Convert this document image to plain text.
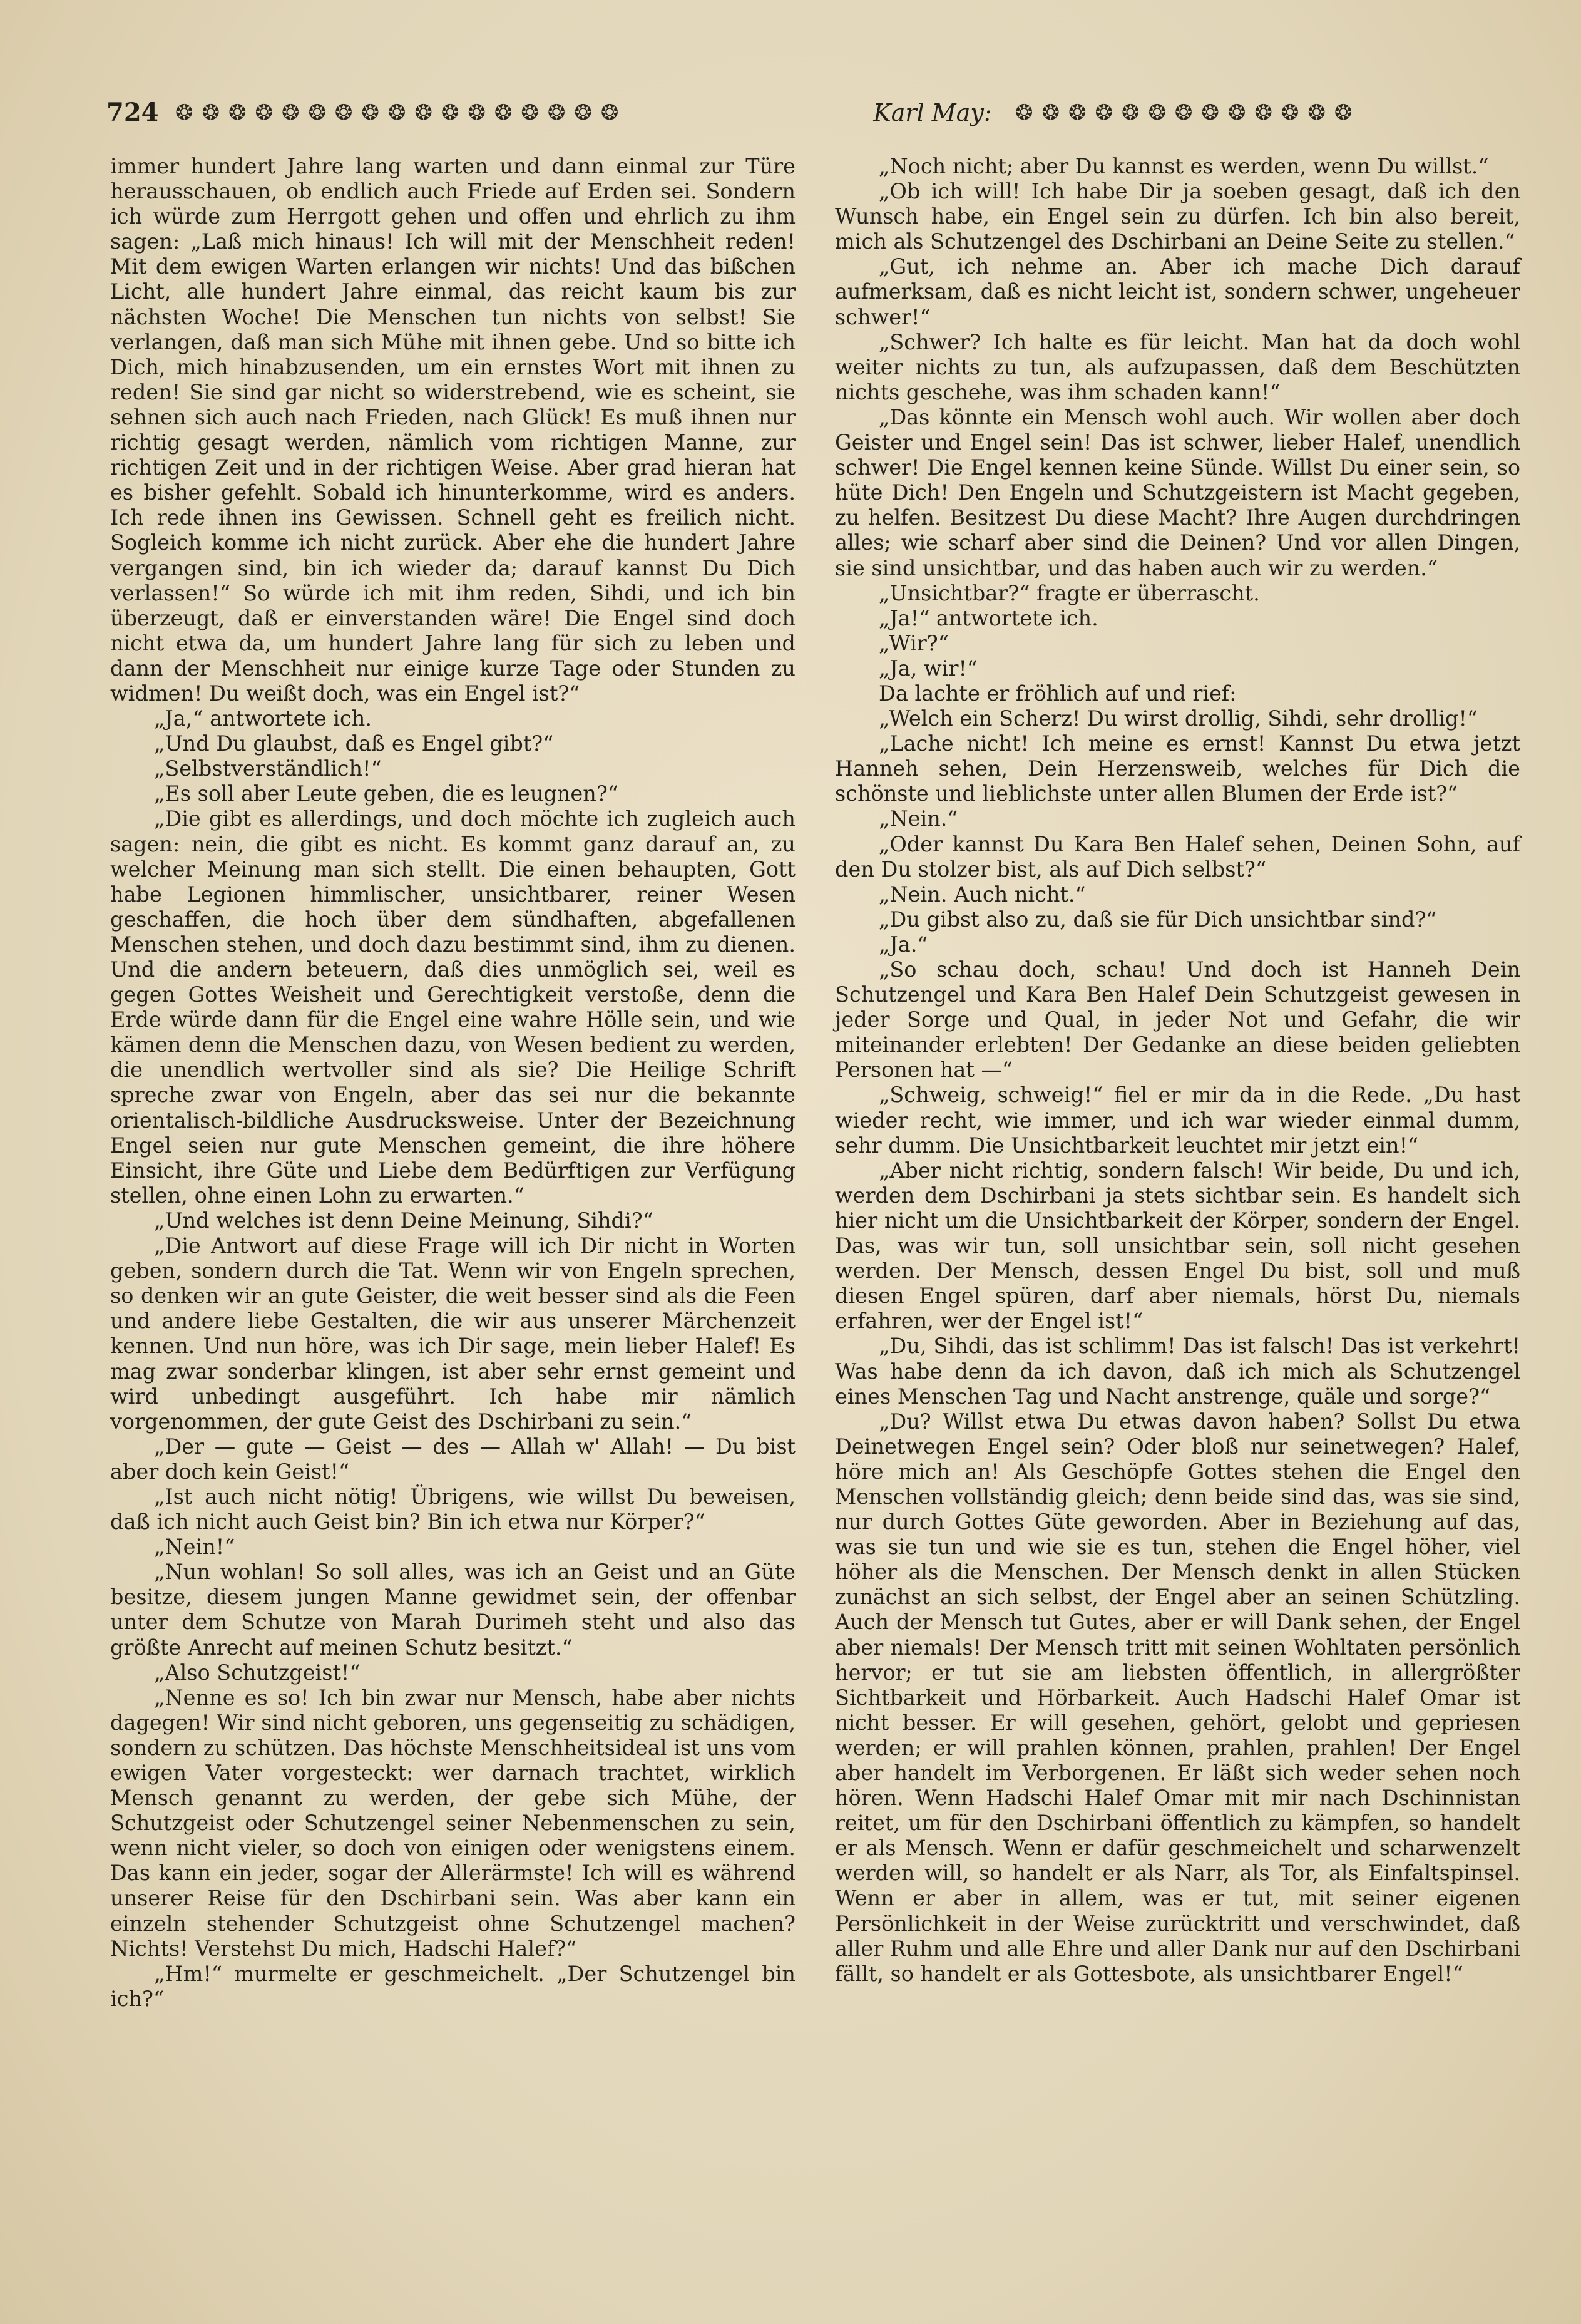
724 ❂❂❂❂❂❂❂❂❂❂❂❂❂❂❂❂❂	Karl May:	❂❂❂❂❂❂❂❂❂❂❂❂❂

immer hundert Jahre lang warten und dann einmal zur Türe herausschauen, ob endlich auch Friede auf Erden sei. Sondern ich würde zum Herrgott gehen und offen und ehrlich zu ihm sagen: „Laß mich hinaus! Ich will mit der Menschheit reden! Mit dem ewigen Warten erlangen wir nichts! Und das bißchen Licht, alle hundert Jahre einmal, das reicht kaum bis zur nächsten Woche! Die Menschen tun nichts von selbst! Sie verlangen, daß man sich Mühe mit ihnen gebe. Und so bitte ich Dich, mich hinabzusenden, um ein ernstes Wort mit ihnen zu reden! Sie sind gar nicht so widerstrebend, wie es scheint, sie sehnen sich auch nach Frieden, nach Glück! Es muß ihnen nur richtig gesagt werden, nämlich vom richtigen Manne, zur richtigen Zeit und in der richtigen Weise. Aber grad hieran hat es bisher gefehlt. Sobald ich hinunterkomme, wird es anders. Ich rede ihnen ins Gewissen. Schnell geht es freilich nicht. Sogleich komme ich nicht zurück. Aber ehe die hundert Jahre vergangen sind, bin ich wieder da; darauf kannst Du Dich verlassen!“ So würde ich mit ihm reden, Sihdi, und ich bin überzeugt, daß er einverstanden wäre! Die Engel sind doch nicht etwa da, um hundert Jahre lang für sich zu leben und dann der Menschheit nur einige kurze Tage oder Stunden zu widmen! Du weißt doch, was ein Engel ist?“

„Ja,“ antwortete ich.

„Und Du glaubst, daß es Engel gibt?“

„Selbstverständlich!“

„Es soll aber Leute geben, die es leugnen?“

„Die gibt es allerdings, und doch möchte ich zugleich auch sagen: nein, die gibt es nicht. Es kommt ganz darauf an, zu welcher Meinung man sich stellt. Die einen behaupten, Gott habe Legionen himmlischer, unsichtbarer, reiner Wesen geschaffen, die hoch über dem sündhaften, abgefallenen Menschen stehen, und doch dazu bestimmt sind, ihm zu dienen. Und die andern beteuern, daß dies unmöglich sei, weil es gegen Gottes Weisheit und Gerechtigkeit verstoße, denn die Erde würde dann für die Engel eine wahre Hölle sein, und wie kämen denn die Menschen dazu, von Wesen bedient zu werden, die unendlich wertvoller sind als sie? Die Heilige Schrift spreche zwar von Engeln, aber das sei nur die bekannte orientalisch-bildliche Ausdrucksweise. Unter der Bezeichnung Engel seien nur gute Menschen gemeint, die ihre höhere Einsicht, ihre Güte und Liebe dem Bedürftigen zur Verfügung stellen, ohne einen Lohn zu erwarten.“

„Und welches ist denn Deine Meinung, Sihdi?“

„Die Antwort auf diese Frage will ich Dir nicht in Worten geben, sondern durch die Tat. Wenn wir von Engeln sprechen, so denken wir an gute Geister, die weit besser sind als die Feen und andere liebe Gestalten, die wir aus unserer Märchenzeit kennen. Und nun höre, was ich Dir sage, mein lieber Halef! Es mag zwar sonderbar klingen, ist aber sehr ernst gemeint und wird unbedingt ausgeführt. Ich habe mir nämlich vorgenommen, der gute Geist des Dschirbani zu sein.“

„Der — gute — Geist — des — Allah w' Allah! — Du bist aber doch kein Geist!“

„Ist auch nicht nötig! Übrigens, wie willst Du beweisen, daß ich nicht auch Geist bin? Bin ich etwa nur Körper?“

„Nein!“

„Nun wohlan! So soll alles, was ich an Geist und an Güte besitze, diesem jungen Manne gewidmet sein, der offenbar unter dem Schutze von Marah Durimeh steht und also das größte Anrecht auf meinen Schutz besitzt.“

„Also Schutzgeist!“

„Nenne es so! Ich bin zwar nur Mensch, habe aber nichts dagegen! Wir sind nicht geboren, uns gegenseitig zu schädigen, sondern zu schützen. Das höchste Menschheitsideal ist uns vom ewigen Vater vorgesteckt: wer darnach trachtet, wirklich Mensch genannt zu werden, der gebe sich Mühe, der Schutzgeist oder Schutzengel seiner Nebenmenschen zu sein, wenn nicht vieler, so doch von einigen oder wenigstens einem. Das kann ein jeder, sogar der Allerärmste! Ich will es während unserer Reise für den Dschirbani sein. Was aber kann ein einzeln stehender Schutzgeist ohne Schutzengel machen? Nichts! Verstehst Du mich, Hadschi Halef?“

„Hm!“ murmelte er geschmeichelt. „Der Schutzengel bin ich?“

„Noch nicht; aber Du kannst es werden, wenn Du willst.“

„Ob ich will! Ich habe Dir ja soeben gesagt, daß ich den Wunsch habe, ein Engel sein zu dürfen. Ich bin also bereit, mich als Schutzengel des Dschirbani an Deine Seite zu stellen.“

„Gut, ich nehme an. Aber ich mache Dich darauf aufmerksam, daß es nicht leicht ist, sondern schwer, ungeheuer schwer!“

„Schwer? Ich halte es für leicht. Man hat da doch wohl weiter nichts zu tun, als aufzupassen, daß dem Beschützten nichts geschehe, was ihm schaden kann!“

„Das könnte ein Mensch wohl auch. Wir wollen aber doch Geister und Engel sein! Das ist schwer, lieber Halef, unendlich schwer! Die Engel kennen keine Sünde. Willst Du einer sein, so hüte Dich! Den Engeln und Schutzgeistern ist Macht gegeben, zu helfen. Besitzest Du diese Macht? Ihre Augen durchdringen alles; wie scharf aber sind die Deinen? Und vor allen Dingen, sie sind unsichtbar, und das haben auch wir zu werden.“

„Unsichtbar?“ fragte er überrascht.

„Ja!“ antwortete ich.

„Wir?“

„Ja, wir!“

Da lachte er fröhlich auf und rief:

„Welch ein Scherz! Du wirst drollig, Sihdi, sehr drollig!“

„Lache nicht! Ich meine es ernst! Kannst Du etwa jetzt Hanneh sehen, Dein Herzensweib, welches für Dich die schönste und lieblichste unter allen Blumen der Erde ist?“

„Nein.“

„Oder kannst Du Kara Ben Halef sehen, Deinen Sohn, auf den Du stolzer bist, als auf Dich selbst?“

„Nein. Auch nicht.“

„Du gibst also zu, daß sie für Dich unsichtbar sind?“

„Ja.“

„So schau doch, schau! Und doch ist Hanneh Dein Schutzengel und Kara Ben Halef Dein Schutzgeist gewesen in jeder Sorge und Qual, in jeder Not und Gefahr, die wir miteinander erlebten! Der Gedanke an diese beiden geliebten Personen hat —“

„Schweig, schweig!“ fiel er mir da in die Rede. „Du hast wieder recht, wie immer, und ich war wieder einmal dumm, sehr dumm. Die Unsichtbarkeit leuchtet mir jetzt ein!“

„Aber nicht richtig, sondern falsch! Wir beide, Du und ich, werden dem Dschirbani ja stets sichtbar sein. Es handelt sich hier nicht um die Unsichtbarkeit der Körper, sondern der Engel. Das, was wir tun, soll unsichtbar sein, soll nicht gesehen werden. Der Mensch, dessen Engel Du bist, soll und muß diesen Engel spüren, darf aber niemals, hörst Du, niemals erfahren, wer der Engel ist!“

„Du, Sihdi, das ist schlimm! Das ist falsch! Das ist verkehrt! Was habe denn da ich davon, daß ich mich als Schutzengel eines Menschen Tag und Nacht anstrenge, quäle und sorge?“

„Du? Willst etwa Du etwas davon haben? Sollst Du etwa Deinetwegen Engel sein? Oder bloß nur seinetwegen? Halef, höre mich an! Als Geschöpfe Gottes stehen die Engel den Menschen vollständig gleich; denn beide sind das, was sie sind, nur durch Gottes Güte geworden. Aber in Beziehung auf das, was sie tun und wie sie es tun, stehen die Engel höher, viel höher als die Menschen. Der Mensch denkt in allen Stücken zunächst an sich selbst, der Engel aber an seinen Schützling. Auch der Mensch tut Gutes, aber er will Dank sehen, der Engel aber niemals! Der Mensch tritt mit seinen Wohltaten persönlich hervor; er tut sie am liebsten öffentlich, in allergrößter Sichtbarkeit und Hörbarkeit. Auch Hadschi Halef Omar ist nicht besser. Er will gesehen, gehört, gelobt und gepriesen werden; er will prahlen können, prahlen, prahlen! Der Engel aber handelt im Verborgenen. Er läßt sich weder sehen noch hören. Wenn Hadschi Halef Omar mit mir nach Dschinnistan reitet, um für den Dschirbani öffentlich zu kämpfen, so handelt er als Mensch. Wenn er dafür geschmeichelt und scharwenzelt werden will, so handelt er als Narr, als Tor, als Einfaltspinsel. Wenn er aber in allem, was er tut, mit seiner eigenen Persönlichkeit in der Weise zurücktritt und verschwindet, daß aller Ruhm und alle Ehre und aller Dank nur auf den Dschirbani fällt, so handelt er als Gottesbote, als unsichtbarer Engel!“
